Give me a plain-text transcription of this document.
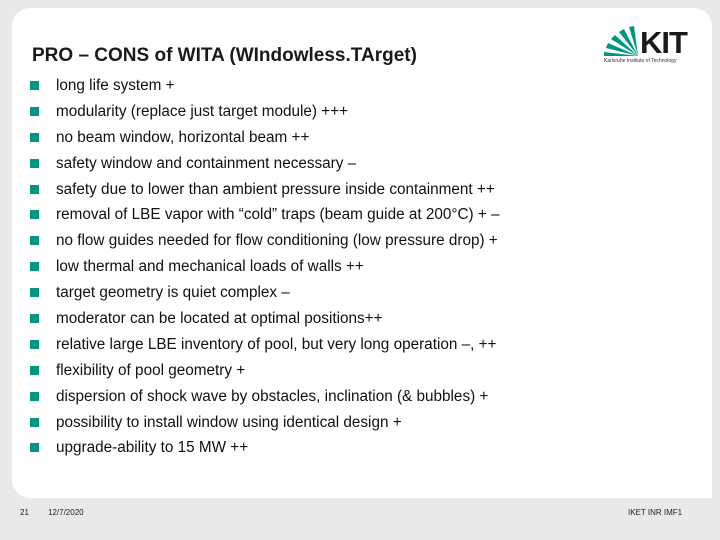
PRO – CONS of WITA (WIndowless.TArget)	KIT
Karlsruhe Institute of Technology
long life system +
modularity (replace just target module) +++
no beam window, horizontal beam ++
safety window and containment necessary –
safety due to lower than ambient pressure inside containment ++
removal of LBE vapor with “cold” traps (beam guide at 200°C) + –
no flow guides needed for flow conditioning (low pressure drop) +
low thermal and mechanical loads of walls ++
target geometry is quiet complex –
moderator can be located at optimal positions++
relative large LBE inventory of pool, but very long operation –, ++
flexibility of pool geometry +
dispersion of shock wave by obstacles, inclination (& bubbles) +
possibility to install window using identical design +
upgrade-ability to 15 MW ++
21 12/7/2020	IKET INR IMF1
